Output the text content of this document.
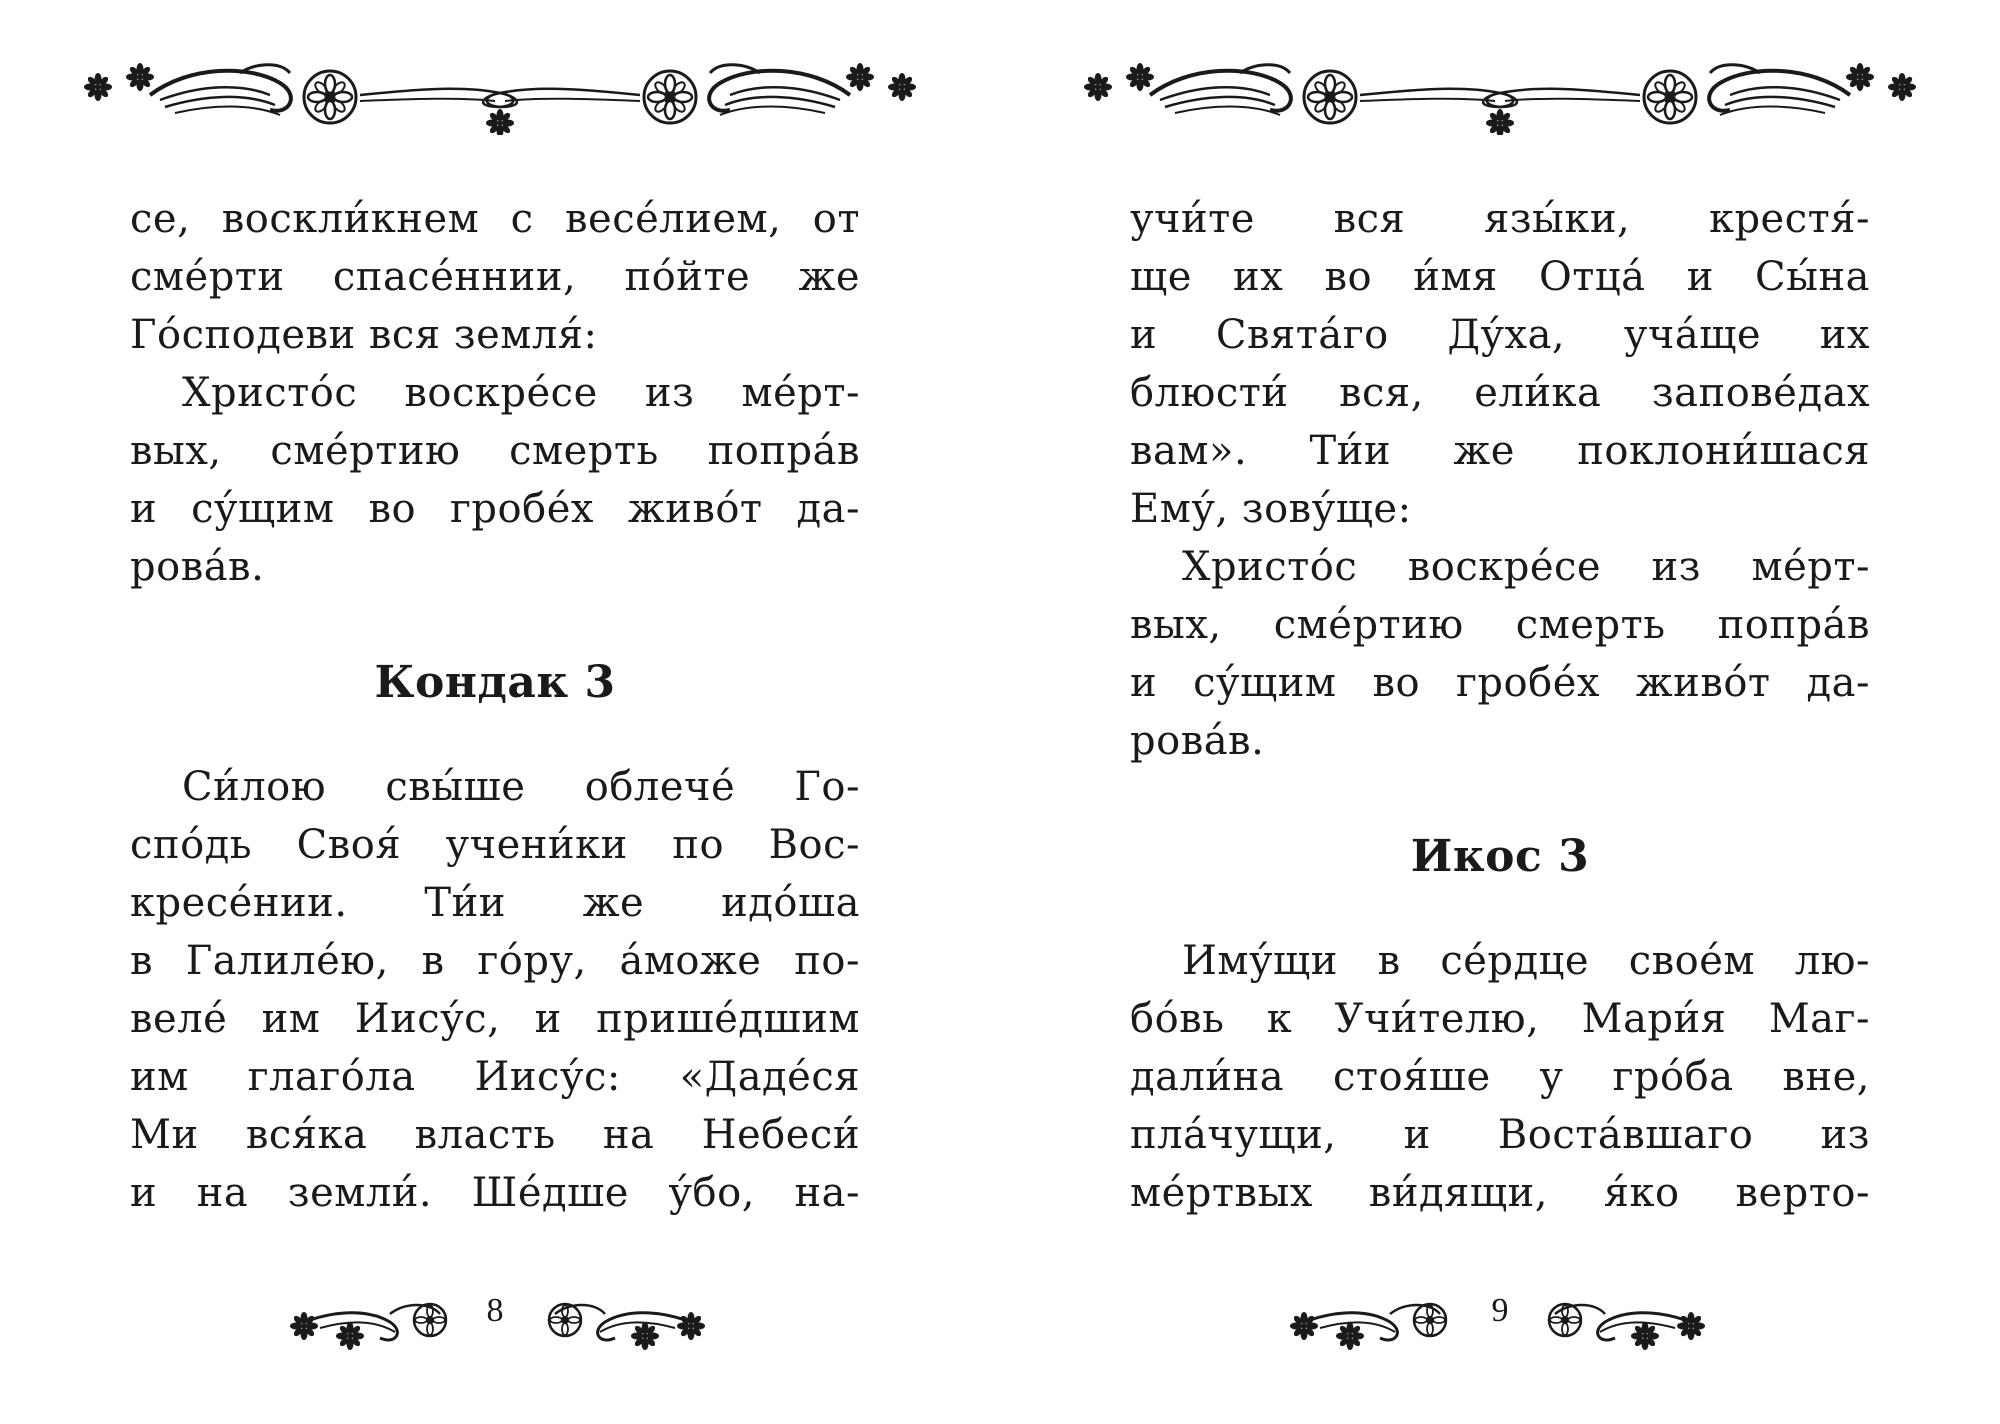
се, воскли́кнем с весе́лием, от
сме́рти спасе́ннии, по́йте же
Го́сподеви вся земля́:
Христо́с воскре́се из ме́рт-
вых, сме́ртию смерть попра́в
и су́щим во гробе́х живо́т да-
рова́в.
Кондак 3
Си́лою свы́ше облече́ Го-
спо́дь Своя́ учени́ки по Вос-
кресе́нии. Ти́и же идо́ша
в Галиле́ю, в го́ру, а́може по-
веле́ им Иису́с, и прише́дшим
им глаго́ла Иису́с: «Дадéся
Ми вся́ка власть на Небеси́
и на земли́. Ше́дше у́бо, на-
8
учи́те вся язы́ки, крестя́-
ще их во и́мя Отца́ и Сы́на
и Свята́го Ду́ха, уча́ще их
блюсти́ вся, ели́ка запове́дах
вам». Ти́и же поклони́шася
Ему́, зову́ще:
Христо́с воскре́се из ме́рт-
вых, сме́ртию смерть попра́в
и су́щим во гробе́х живо́т да-
рова́в.
Икос 3
Иму́щи в се́рдце свое́м лю-
бо́вь к Учи́телю, Мари́я Маг-
дали́на стоя́ше у гро́ба вне,
пла́чущи, и Воста́вшаго из
ме́ртвых ви́дящи, я́ко верто-
9
